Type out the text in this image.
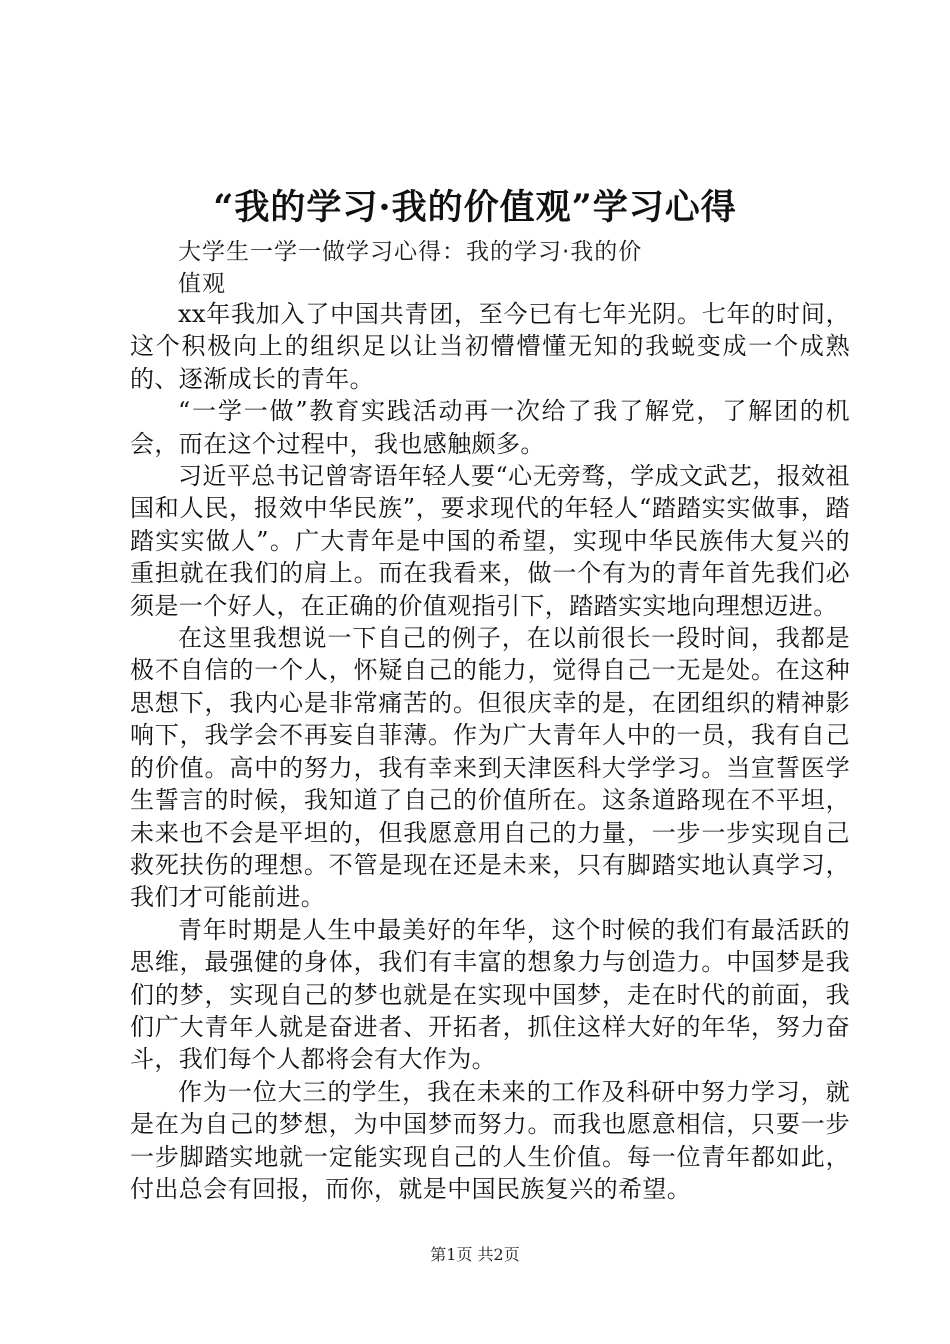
“我的学习·我的价值观”学习心得
大学生一学一做学习心得：我的学习·我的价值观

xx年我加入了中国共青团，至今已有七年光阴。七年的时间，这个积极向上的组织足以让当初懵懵懂无知的我蜕变成一个成熟的、逐渐成长的青年。

“一学一做”教育实践活动再一次给了我了解党，了解团的机会，而在这个过程中，我也感触颇多。

习近平总书记曾寄语年轻人要“心无旁骛，学成文武艺，报效祖国和人民，报效中华民族”，要求现代的年轻人“踏踏实实做事，踏踏实实做人”。广大青年是中国的希望，实现中华民族伟大复兴的重担就在我们的肩上。而在我看来，做一个有为的青年首先我们必须是一个好人，在正确的价值观指引下，踏踏实实地向理想迈进。

在这里我想说一下自己的例子，在以前很长一段时间，我都是极不自信的一个人，怀疑自己的能力，觉得自己一无是处。在这种思想下，我内心是非常痛苦的。但很庆幸的是，在团组织的精神影响下，我学会不再妄自菲薄。作为广大青年人中的一员，我有自己的价值。高中的努力，我有幸来到天津医科大学学习。当宣誓医学生誓言的时候，我知道了自己的价值所在。这条道路现在不平坦，未来也不会是平坦的，但我愿意用自己的力量，一步一步实现自己救死扶伤的理想。不管是现在还是未来，只有脚踏实地认真学习，我们才可能前进。

青年时期是人生中最美好的年华，这个时候的我们有最活跃的思维，最强健的身体，我们有丰富的想象力与创造力。中国梦是我们的梦，实现自己的梦也就是在实现中国梦，走在时代的前面，我们广大青年人就是奋进者、开拓者，抓住这样大好的年华，努力奋斗，我们每个人都将会有大作为。

作为一位大三的学生，我在未来的工作及科研中努力学习，就是在为自己的梦想，为中国梦而努力。而我也愿意相信，只要一步一步脚踏实地就一定能实现自己的人生价值。每一位青年都如此，付出总会有回报，而你，就是中国民族复兴的希望。

第1页 共2页
